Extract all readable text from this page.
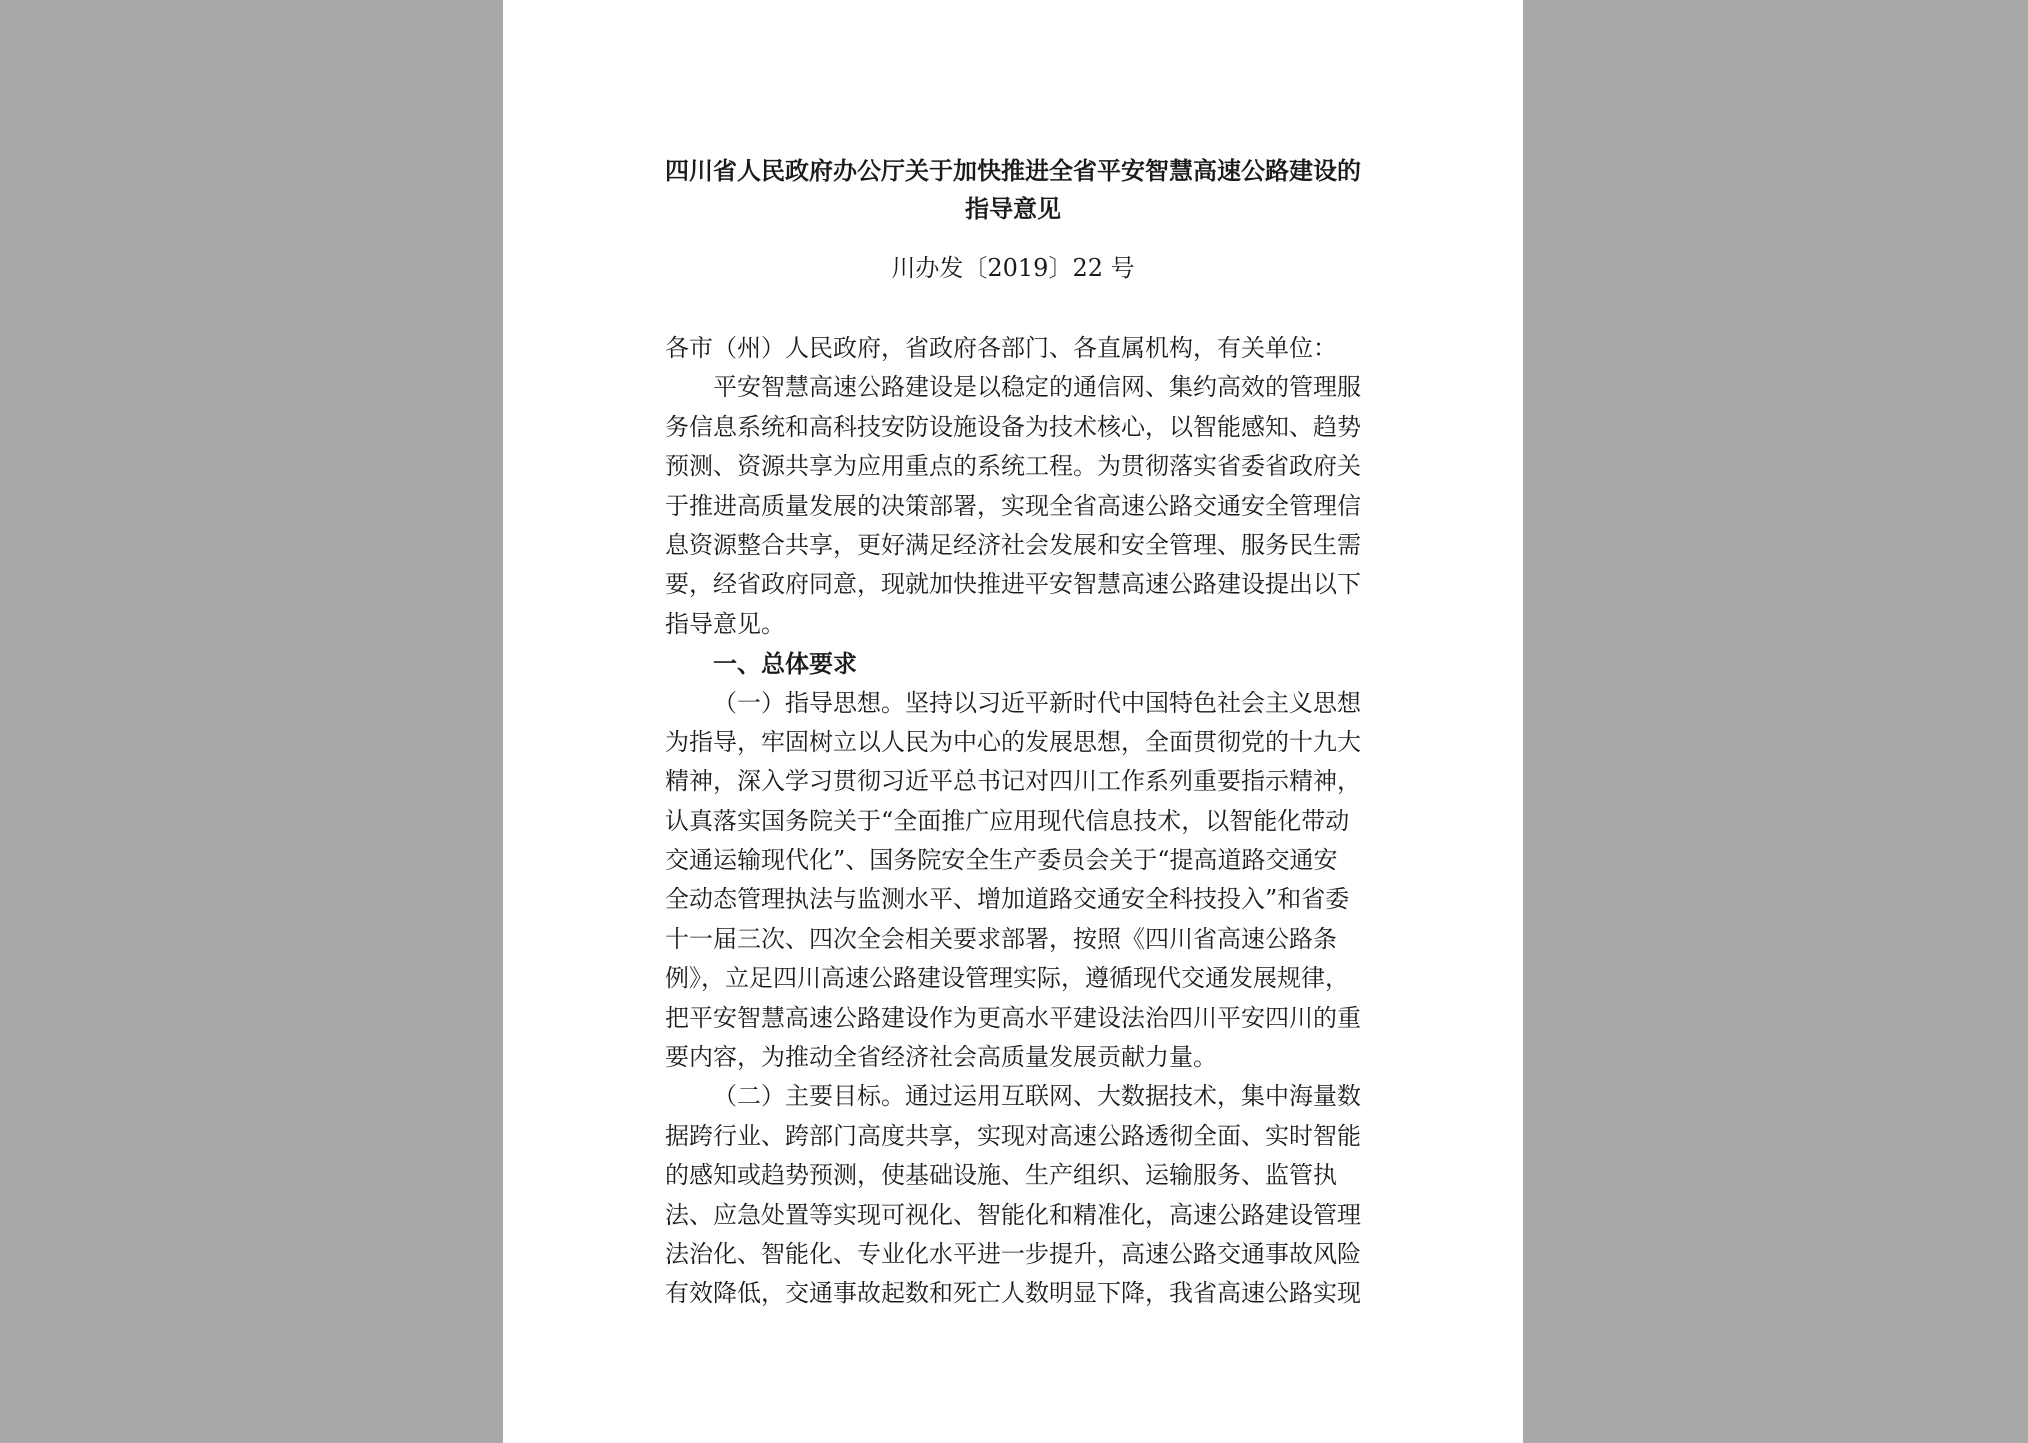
四川省人民政府办公厅关于加快推进全省平安智慧高速公路建设的
指导意见
川办发〔2019〕22 号
各市（州）人民政府，省政府各部门、各直属机构，有关单位：
平安智慧高速公路建设是以稳定的通信网、集约高效的管理服
务信息系统和高科技安防设施设备为技术核心，以智能感知、趋势
预测、资源共享为应用重点的系统工程。为贯彻落实省委省政府关
于推进高质量发展的决策部署，实现全省高速公路交通安全管理信
息资源整合共享，更好满足经济社会发展和安全管理、服务民生需
要，经省政府同意，现就加快推进平安智慧高速公路建设提出以下
指导意见。
一、总体要求
（一）指导思想。坚持以习近平新时代中国特色社会主义思想
为指导，牢固树立以人民为中心的发展思想，全面贯彻党的十九大
精神，深入学习贯彻习近平总书记对四川工作系列重要指示精神，
认真落实国务院关于“全面推广应用现代信息技术，以智能化带动
交通运输现代化”、国务院安全生产委员会关于“提高道路交通安
全动态管理执法与监测水平、增加道路交通安全科技投入”和省委
十一届三次、四次全会相关要求部署，按照《四川省高速公路条
例》，立足四川高速公路建设管理实际，遵循现代交通发展规律，
把平安智慧高速公路建设作为更高水平建设法治四川平安四川的重
要内容，为推动全省经济社会高质量发展贡献力量。
（二）主要目标。通过运用互联网、大数据技术，集中海量数
据跨行业、跨部门高度共享，实现对高速公路透彻全面、实时智能
的感知或趋势预测，使基础设施、生产组织、运输服务、监管执
法、应急处置等实现可视化、智能化和精准化，高速公路建设管理
法治化、智能化、专业化水平进一步提升，高速公路交通事故风险
有效降低，交通事故起数和死亡人数明显下降，我省高速公路实现
